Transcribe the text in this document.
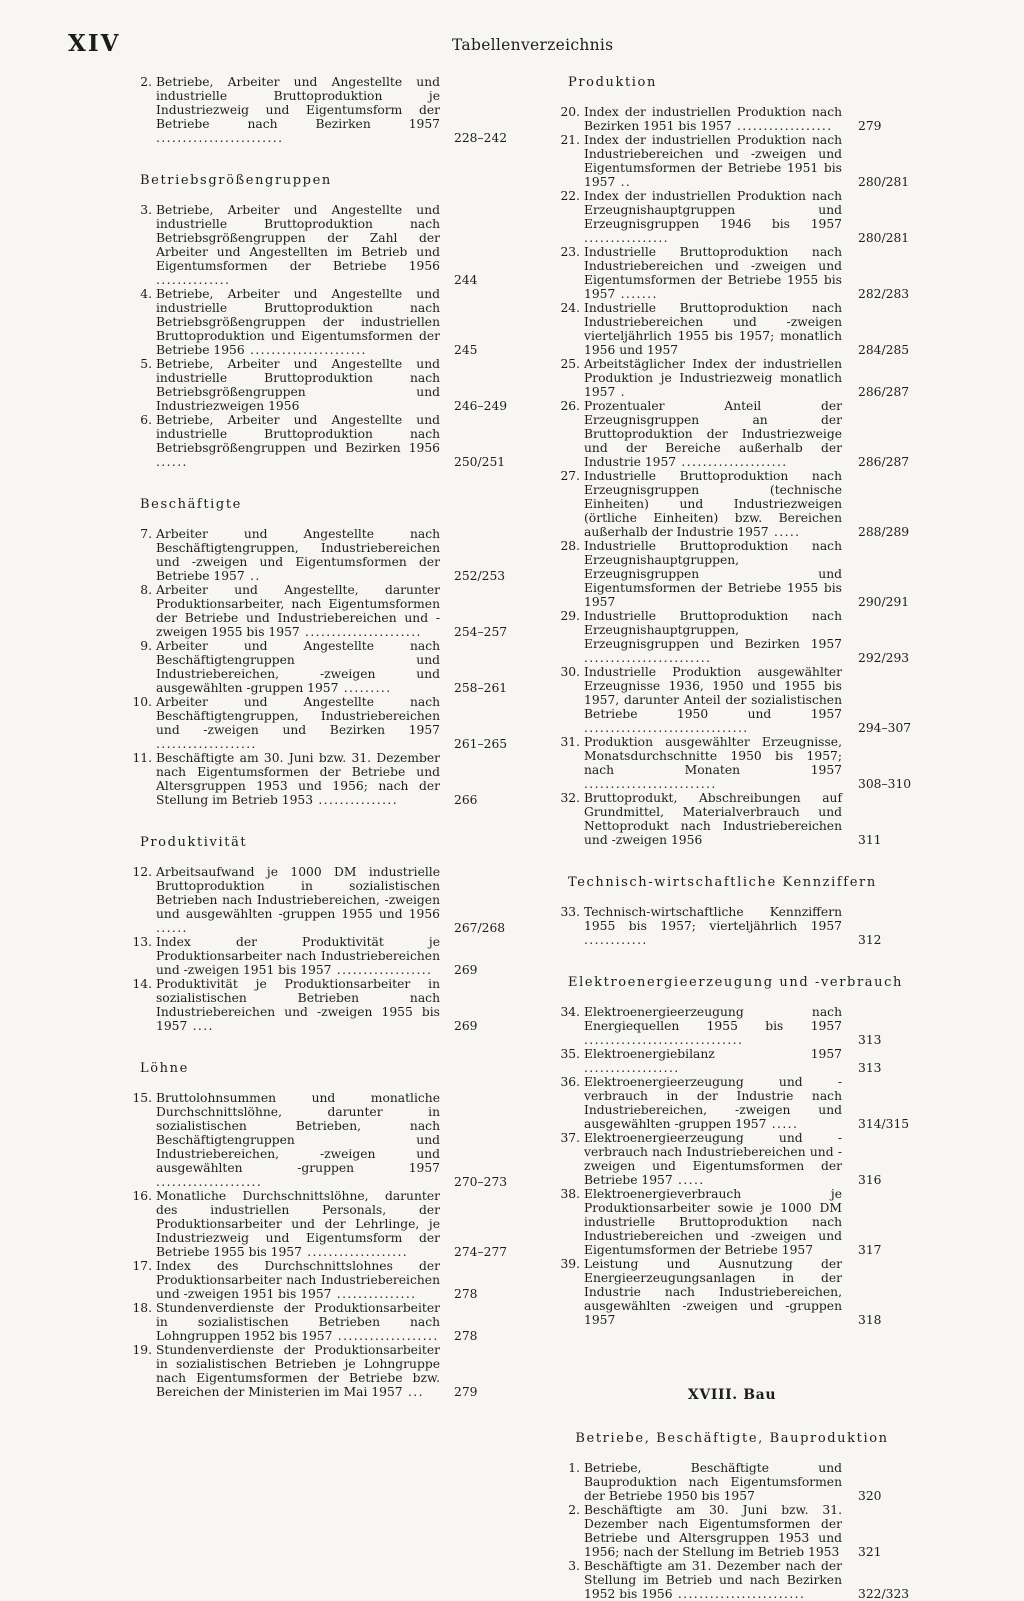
XIV	Tabellenverzeichnis
2. Betriebe, Arbeiter und Angestellte und industrielle Bruttoproduktion je Industriezweig und Eigentumsform der Betriebe nach Bezirken 1957 ........................	228–242
Betriebsgrößengruppen
3. Betriebe, Arbeiter und Angestellte und industrielle Bruttoproduktion nach Betriebsgrößengruppen der Zahl der Arbeiter und Angestellten im Betrieb und Eigentumsformen der Betriebe 1956 ..............	244
4. Betriebe, Arbeiter und Angestellte und industrielle Bruttoproduktion nach Betriebsgrößengruppen der industriellen Bruttoproduktion und Eigentumsformen der Betriebe 1956 ......................	245
5. Betriebe, Arbeiter und Angestellte und industrielle Bruttoproduktion nach Betriebsgrößengruppen und Industriezweigen 1956	246–249
6. Betriebe, Arbeiter und Angestellte und industrielle Bruttoproduktion nach Betriebsgrößengruppen und Bezirken 1956 ......	250/251
Beschäftigte
7. Arbeiter und Angestellte nach Beschäftigtengruppen, Industriebereichen und -zweigen und Eigentumsformen der Betriebe 1957 ..	252/253
8. Arbeiter und Angestellte, darunter Produktionsarbeiter, nach Eigentumsformen der Betriebe und Industriebereichen und -zweigen 1955 bis 1957 ......................	254–257
9. Arbeiter und Angestellte nach Beschäftigtengruppen und Industriebereichen, -zweigen und ausgewählten -gruppen 1957 .........	258–261
10. Arbeiter und Angestellte nach Beschäftigtengruppen, Industriebereichen und -zweigen und Bezirken 1957 ...................	261–265
11. Beschäftigte am 30. Juni bzw. 31. Dezember nach Eigentumsformen der Betriebe und Altersgruppen 1953 und 1956; nach der Stellung im Betrieb 1953 ...............	266
Produktivität
12. Arbeitsaufwand je 1000 DM industrielle Bruttoproduktion in sozialistischen Betrieben nach Industriebereichen, -zweigen und ausgewählten -gruppen 1955 und 1956 ......	267/268
13. Index der Produktivität je Produktionsarbeiter nach Industriebereichen und -zweigen 1951 bis 1957 ..................	269
14. Produktivität je Produktionsarbeiter in sozialistischen Betrieben nach Industriebereichen und -zweigen 1955 bis 1957 ....	269
Löhne
15. Bruttolohnsummen und monatliche Durchschnittslöhne, darunter in sozialistischen Betrieben, nach Beschäftigtengruppen und Industriebereichen, -zweigen und ausgewählten -gruppen 1957 ....................	270–273
16. Monatliche Durchschnittslöhne, darunter des industriellen Personals, der Produktionsarbeiter und der Lehrlinge, je Industriezweig und Eigentumsform der Betriebe 1955 bis 1957 ...................	274–277
17. Index des Durchschnittslohnes der Produktionsarbeiter nach Industriebereichen und -zweigen 1951 bis 1957 ...............	278
18. Stundenverdienste der Produktionsarbeiter in sozialistischen Betrieben nach Lohngruppen 1952 bis 1957 ...................	278
19. Stundenverdienste der Produktionsarbeiter in sozialistischen Betrieben je Lohngruppe nach Eigentumsformen der Betriebe bzw. Bereichen der Ministerien im Mai 1957 ...	279
Produktion
20. Index der industriellen Produktion nach Bezirken 1951 bis 1957 ..................	279
21. Index der industriellen Produktion nach Industriebereichen und -zweigen und Eigentumsformen der Betriebe 1951 bis 1957 ..	280/281
22. Index der industriellen Produktion nach Erzeugnishauptgruppen und Erzeugnisgruppen 1946 bis 1957 ................	280/281
23. Industrielle Bruttoproduktion nach Industriebereichen und -zweigen und Eigentumsformen der Betriebe 1955 bis 1957 .......	282/283
24. Industrielle Bruttoproduktion nach Industriebereichen und -zweigen vierteljährlich 1955 bis 1957; monatlich 1956 und 1957	284/285
25. Arbeitstäglicher Index der industriellen Produktion je Industriezweig monatlich 1957 .	286/287
26. Prozentualer Anteil der Erzeugnisgruppen an der Bruttoproduktion der Industriezweige und der Bereiche außerhalb der Industrie 1957 ....................	286/287
27. Industrielle Bruttoproduktion nach Erzeugnisgruppen (technische Einheiten) und Industriezweigen (örtliche Einheiten) bzw. Bereichen außerhalb der Industrie 1957 .....	288/289
28. Industrielle Bruttoproduktion nach Erzeugnishauptgruppen, Erzeugnisgruppen und Eigentumsformen der Betriebe 1955 bis 1957	290/291
29. Industrielle Bruttoproduktion nach Erzeugnishauptgruppen, Erzeugnisgruppen und Bezirken 1957 ........................	292/293
30. Industrielle Produktion ausgewählter Erzeugnisse 1936, 1950 und 1955 bis 1957, darunter Anteil der sozialistischen Betriebe 1950 und 1957 ...............................	294–307
31. Produktion ausgewählter Erzeugnisse, Monatsdurchschnitte 1950 bis 1957; nach Monaten 1957 .........................	308–310
32. Bruttoprodukt, Abschreibungen auf Grundmittel, Materialverbrauch und Nettoprodukt nach Industriebereichen und -zweigen 1956	311
Technisch-wirtschaftliche Kennziffern
33. Technisch-wirtschaftliche Kennziffern 1955 bis 1957; vierteljährlich 1957 ............	312
Elektroenergieerzeugung und -verbrauch
34. Elektroenergieerzeugung nach Energiequellen 1955 bis 1957 ..............................	313
35. Elektroenergiebilanz 1957 ..................	313
36. Elektroenergieerzeugung und -verbrauch in der Industrie nach Industriebereichen, -zweigen und ausgewählten -gruppen 1957 .....	314/315
37. Elektroenergieerzeugung und -verbrauch nach Industriebereichen und -zweigen und Eigentumsformen der Betriebe 1957 .....	316
38. Elektroenergieverbrauch je Produktionsarbeiter sowie je 1000 DM industrielle Bruttoproduktion nach Industriebereichen und -zweigen und Eigentumsformen der Betriebe 1957	317
39. Leistung und Ausnutzung der Energieerzeugungsanlagen in der Industrie nach Industriebereichen, ausgewählten -zweigen und -gruppen 1957	318
XVIII. Bau
Betriebe, Beschäftigte, Bauproduktion
1. Betriebe, Beschäftigte und Bauproduktion nach Eigentumsformen der Betriebe 1950 bis 1957	320
2. Beschäftigte am 30. Juni bzw. 31. Dezember nach Eigentumsformen der Betriebe und Altersgruppen 1953 und 1956; nach der Stellung im Betrieb 1953	321
3. Beschäftigte am 31. Dezember nach der Stellung im Betrieb und nach Bezirken 1952 bis 1956 ........................	322/323
